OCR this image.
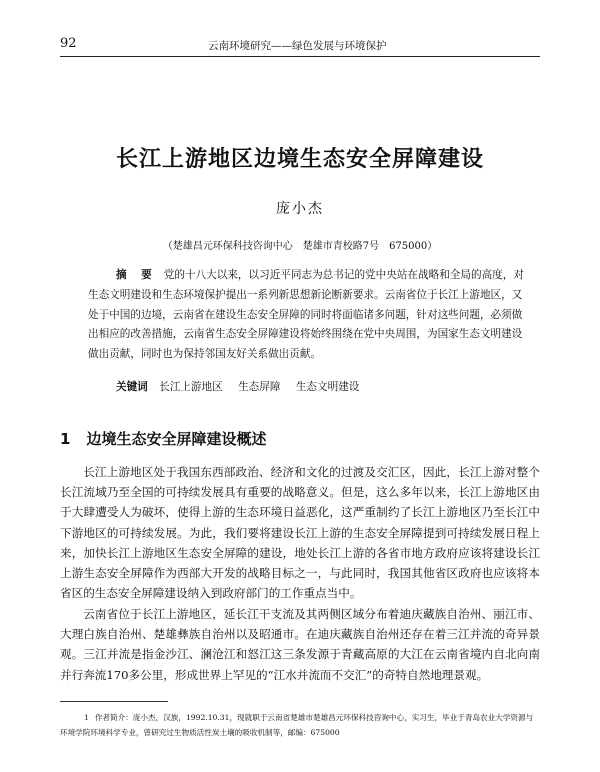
92	云南环境研究——绿色发展与环境保护
长江上游地区边境生态安全屏障建设
庞小杰
（楚雄昌元环保科技咨询中心　楚雄市青校路7号　675000）
摘　要 党的十八大以来，以习近平同志为总书记的党中央站在战略和全局的高度，对生态文明建设和生态环境保护提出一系列新思想新论断新要求。云南省位于长江上游地区，又处于中国的边境，云南省在建设生态安全屏障的同时将面临诸多问题，针对这些问题，必须做出相应的改善措施，云南省生态安全屏障建设将始终围绕在党中央周围，为国家生态文明建设做出贡献，同时也为保持邻国友好关系做出贡献。
关键词 长江上游地区 生态屏障 生态文明建设
1 边境生态安全屏障建设概述

长江上游地区处于我国东西部政治、经济和文化的过渡及交汇区，因此，长江上游对整个长江流域乃至全国的可持续发展具有重要的战略意义。但是，这么多年以来，长江上游地区由于大肆遭受人为破坏，使得上游的生态环境日益恶化，这严重制约了长江上游地区乃至长江中下游地区的可持续发展。为此，我们要将建设长江上游的生态安全屏障提到可持续发展日程上来，加快长江上游地区生态安全屏障的建设，地处长江上游的各省市地方政府应该将建设长江上游生态安全屏障作为西部大开发的战略目标之一，与此同时，我国其他省区政府也应该将本省区的生态安全屏障建设纳入到政府部门的工作重点当中。

云南省位于长江上游地区，延长江干支流及其两侧区域分布着迪庆藏族自治州、丽江市、大理白族自治州、楚雄彝族自治州以及昭通市。在迪庆藏族自治州还存在着三江并流的奇异景观。三江并流是指金沙江、澜沧江和怒江这三条发源于青藏高原的大江在云南省境内自北向南并行奔流170多公里，形成世界上罕见的“江水并流而不交汇”的奇特自然地理景观。

1 作者简介：庞小杰，汉族，1992.10.31，现就职于云南省楚雄市楚雄昌元环保科技咨询中心，实习生，毕业于青岛农业大学资源与环境学院环境科学专业，曾研究过生物质活性炭土壤的吸收机制等，邮编：675000
